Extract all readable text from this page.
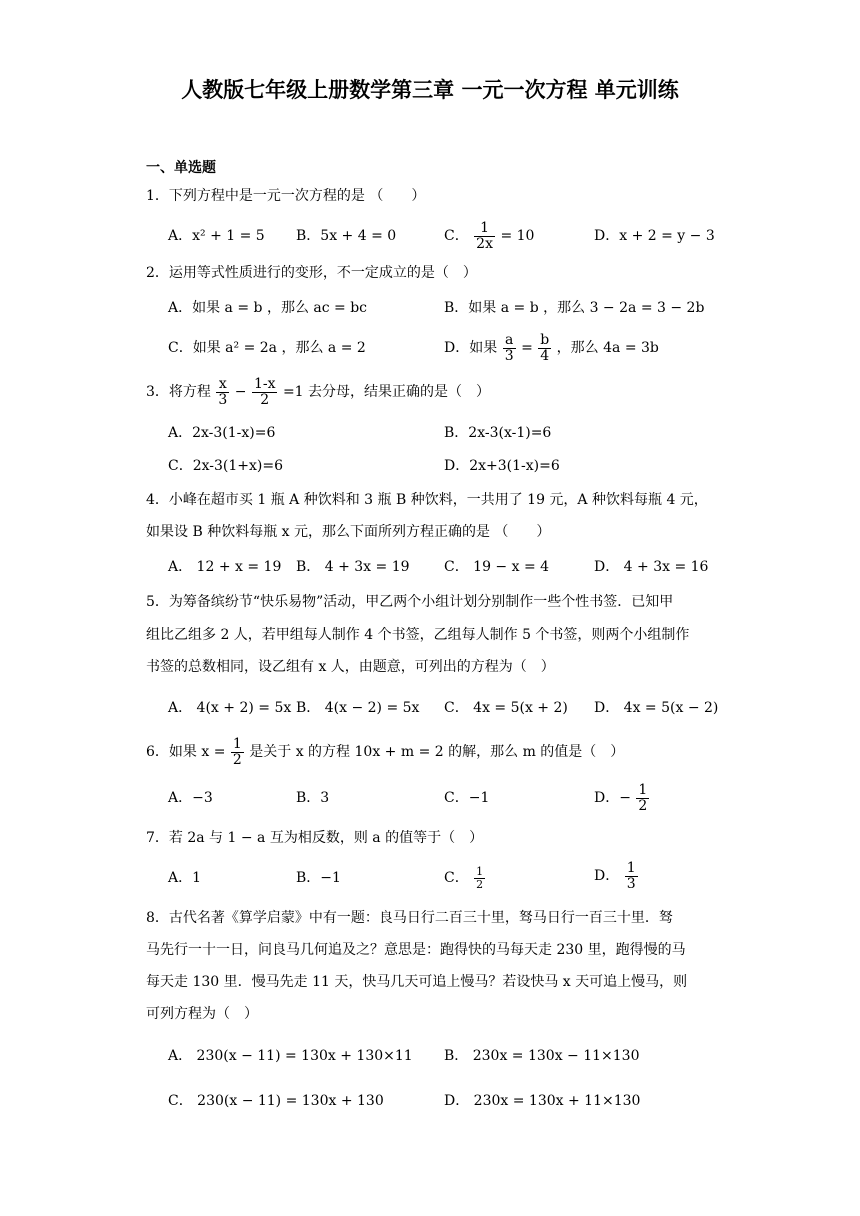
人教版七年级上册数学第三章 一元一次方程 单元训练
一、单选题
1．下列方程中是一元一次方程的是 （　　）
A．x² + 1 = 5 B．5x + 4 = 0	C． $\frac{1}{2x} = 10$	D．x + 2 = y − 3
2．运用等式性质进行的变形，不一定成立的是（　）
A．如果 a = b ，那么 ac = bc	B．如果 a = b ，那么 3 − 2a = 3 − 2b
C．如果 a² = 2a ，那么 a = 2	D．如果 $\frac{a}{3} = \frac{b}{4}$ ，那么 4a = 3b
3．将方程 $\frac{x}{3} - \frac{1-x}{2} =1$ 去分母，结果正确的是（　）
A．2x-3(1-x)=6	B．2x-3(x-1)=6
C．2x-3(1+x)=6	D．2x+3(1-x)=6
4．小峰在超市买 1 瓶 A 种饮料和 3 瓶 B 种饮料，一共用了 19 元，A 种饮料每瓶 4 元，
如果设 B 种饮料每瓶 x 元，那么下面所列方程正确的是 （　　）
A． 12 + x = 19 B． 4 + 3x = 19 C． 19 − x = 4	D． 4 + 3x = 16
5．为筹备缤纷节“快乐易物”活动，甲乙两个小组计划分别制作一些个性书签．已知甲
组比乙组多 2 人，若甲组每人制作 4 个书签，乙组每人制作 5 个书签，则两个小组制作
书签的总数相同，设乙组有 x 人，由题意，可列出的方程为（　）
A． 4(x + 2) = 5x B． 4(x − 2) = 5x C． 4x = 5(x + 2) D． 4x = 5(x − 2)
6．如果 $x = \frac{1}{2}$ 是关于 x 的方程 10x + m = 2 的解，那么 m 的值是（　）
A．−3	B．3	C．−1	D．− $\frac{1}{2}$
7．若 2a 与 1 − a 互为相反数，则 a 的值等于（　）
A．1	B．−1	C． $\frac{1}{2}$	D． $\frac{1}{3}$
8．古代名著《算学启蒙》中有一题：良马日行二百三十里，驽马日行一百三十里．驽
马先行一十一日，问良马几何追及之？意思是：跑得快的马每天走 230 里，跑得慢的马
每天走 130 里．慢马先走 11 天，快马几天可追上慢马？若设快马 x 天可追上慢马，则
可列方程为（　）
A． 230(x − 11) = 130x + 130×11 B． 230x = 130x − 11×130
C． 230(x − 11) = 130x + 130	D． 230x = 130x + 11×130
